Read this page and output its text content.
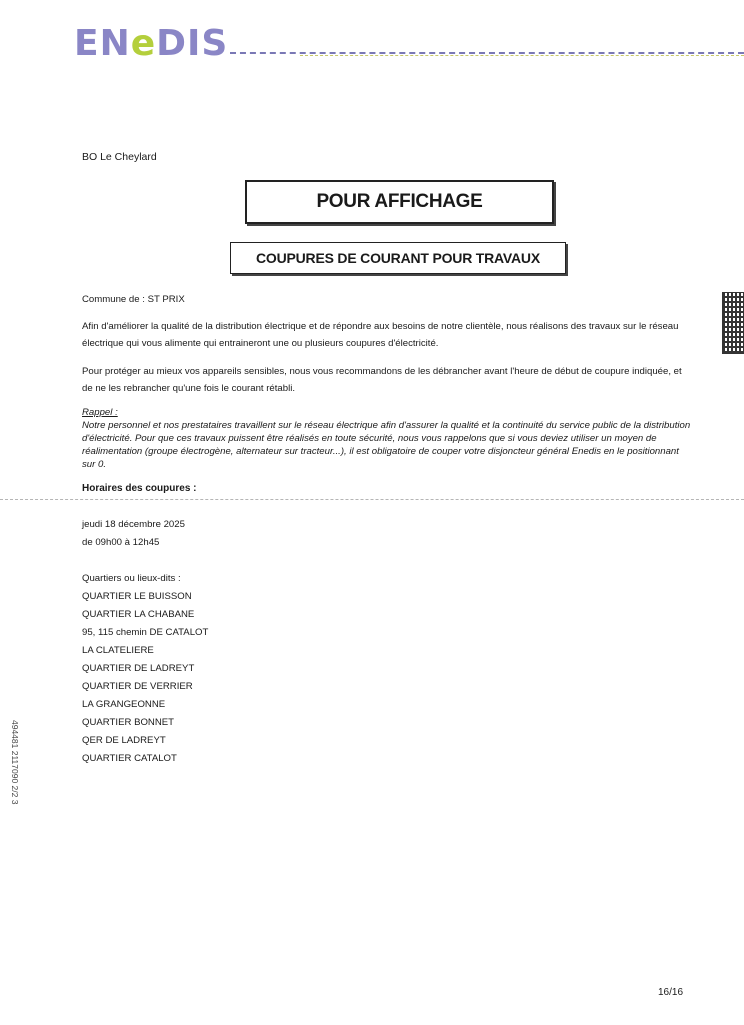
ENeDIS
BO Le Cheylard
POUR AFFICHAGE
COUPURES DE COURANT POUR TRAVAUX
Commune de : ST PRIX
Afin d'améliorer la qualité de la distribution électrique et de répondre aux besoins de notre clientèle, nous réalisons des travaux sur le réseau électrique qui vous alimente qui entraineront une ou plusieurs coupures d'électricité.
Pour protéger au mieux vos appareils sensibles, nous vous recommandons de les débrancher avant l'heure de début de coupure indiquée, et de ne les rebrancher qu'une fois le courant rétabli.
Rappel :
Notre personnel et nos prestataires travaillent sur le réseau électrique afin d'assurer la qualité et la continuité du service public de la distribution d'électricité. Pour que ces travaux puissent être réalisés en toute sécurité, nous vous rappelons que si vous deviez utiliser un moyen de réalimentation (groupe électrogène, alternateur sur tracteur...), il est obligatoire de couper votre disjoncteur général Enedis en le positionnant sur 0.
Horaires des coupures :
jeudi 18 décembre 2025
de 09h00 à 12h45
Quartiers ou lieux-dits :
QUARTIER LE BUISSON
QUARTIER LA CHABANE
95, 115 chemin DE CATALOT
LA CLATELIERE
QUARTIER DE LADREYT
QUARTIER DE VERRIER
LA GRANGEONNE
QUARTIER BONNET
QER DE LADREYT
QUARTIER CATALOT
494481 2117090 2/2 3
16/16
